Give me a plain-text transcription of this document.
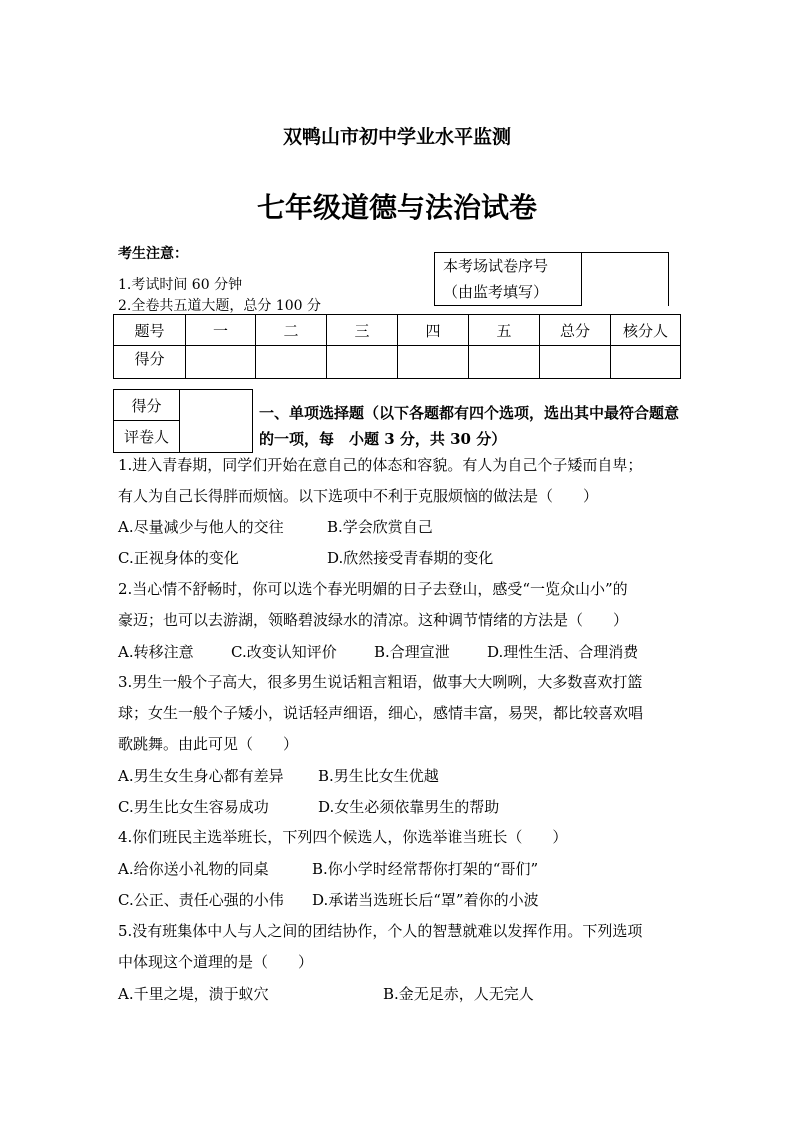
双鸭山市初中学业水平监测
七年级道德与法治试卷
考生注意：
1.考试时间 60 分钟
2.全卷共五道大题，总分 100 分
本考场试卷序号
（由监考填写）

题号	一	二	三	四	五	总分	核分人
得分							
得分	
评卷人
一、单项选择题（以下各题都有四个选项，选出其中最符合题意的一项，每　小题 3 分，共 30 分）
1.进入青春期，同学们开始在意自己的体态和容貌。有人为自己个子矮而自卑；
有人为自己长得胖而烦恼。以下选项中不利于克服烦恼的做法是（　　）
A.尽量减少与他人的交往	B.学会欣赏自己
C.正视身体的变化	D.欣然接受青春期的变化
2.当心情不舒畅时，你可以选个春光明媚的日子去登山，感受“一览众山小”的
豪迈；也可以去游湖，领略碧波绿水的清凉。这种调节情绪的方法是（　　）
A.转移注意 C.改变认知评价 B.合理宣泄 D.理性生活、合理消费
3.男生一般个子高大，很多男生说话粗言粗语，做事大大咧咧，大多数喜欢打篮
球；女生一般个子矮小，说话轻声细语，细心，感情丰富，易哭，都比较喜欢唱
歌跳舞。由此可见（　　）
A.男生女生身心都有差异 B.男生比女生优越
C.男生比女生容易成功	D.女生必须依靠男生的帮助
4.你们班民主选举班长，下列四个候选人，你选举谁当班长（　　）
A.给你送小礼物的同桌	B.你小学时经常帮你打架的“哥们”
C.公正、责任心强的小伟 D.承诺当选班长后“罩”着你的小波
5.没有班集体中人与人之间的团结协作，个人的智慧就难以发挥作用。下列选项
中体现这个道理的是（　　）
A.千里之堤，溃于蚁穴	B.金无足赤，人无完人
